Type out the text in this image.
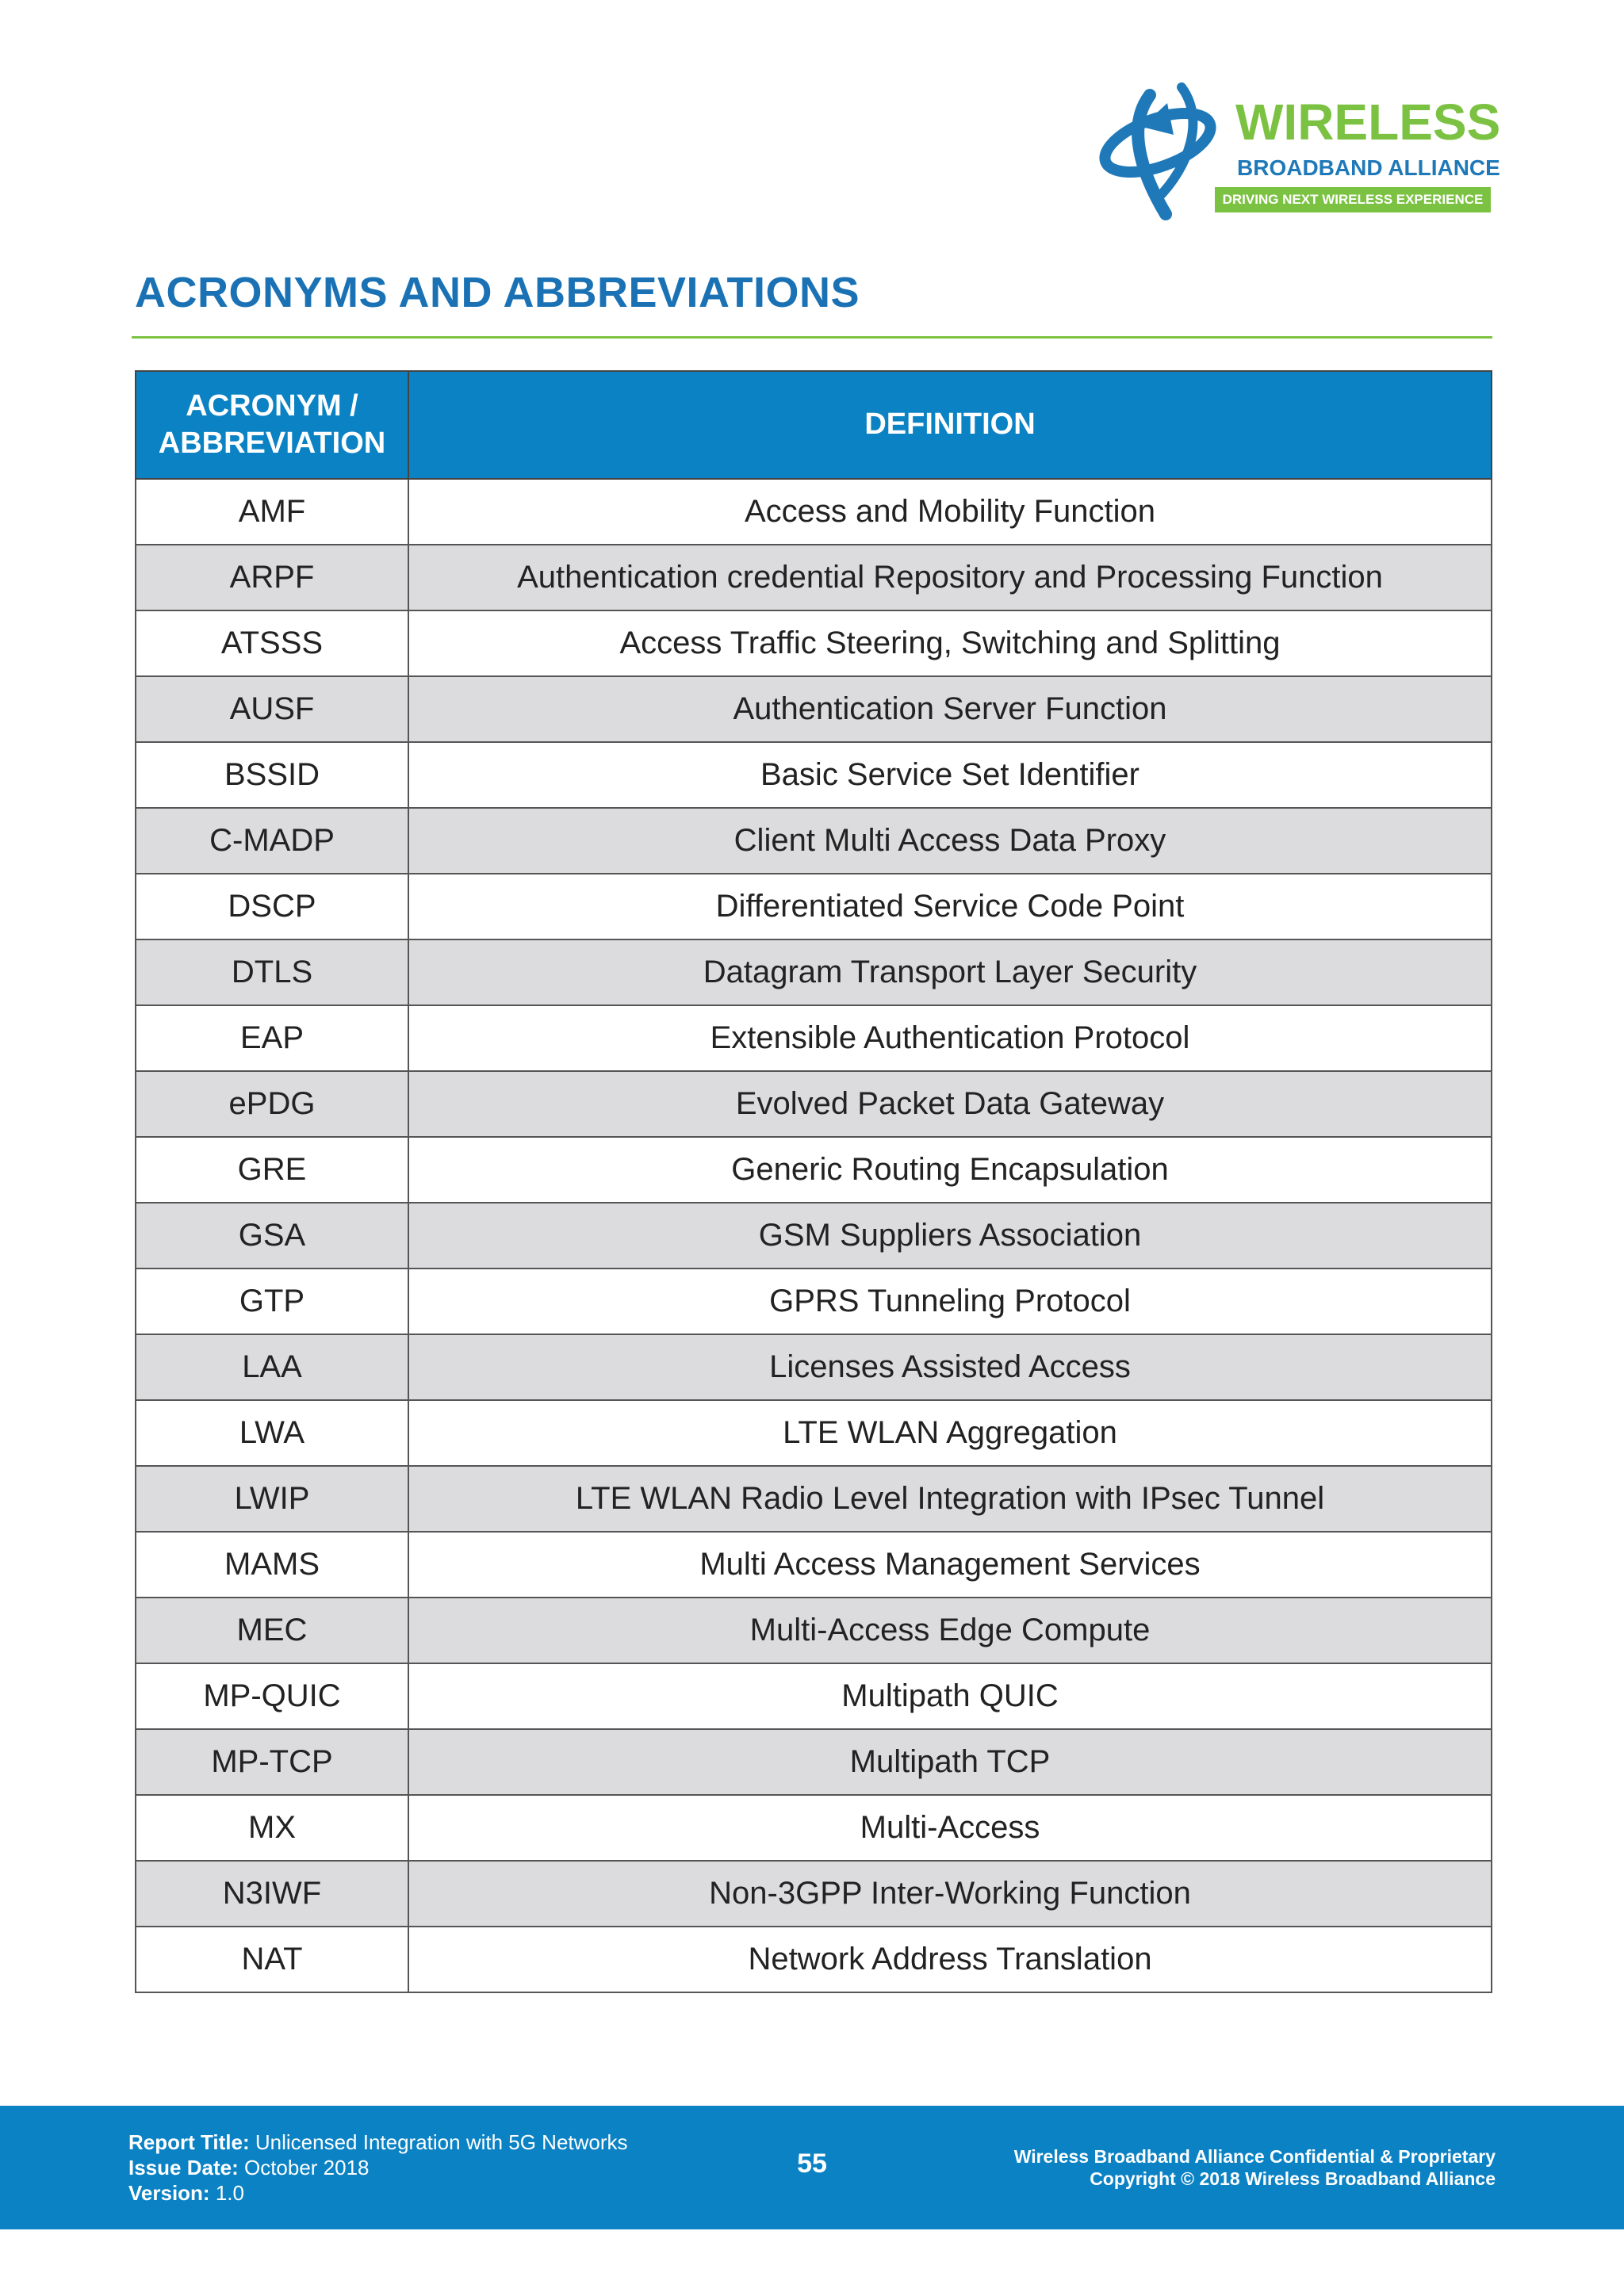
WIRELESS
BROADBAND ALLIANCE
DRIVING NEXT WIRELESS EXPERIENCE
ACRONYMS AND ABBREVIATIONS
ACRONYM / ABBREVIATION	DEFINITION
AMF	Access and Mobility Function
ARPF	Authentication credential Repository and Processing Function
ATSSS	Access Traffic Steering, Switching and Splitting
AUSF	Authentication Server Function
BSSID	Basic Service Set Identifier
C-MADP	Client Multi Access Data Proxy
DSCP	Differentiated Service Code Point
DTLS	Datagram Transport Layer Security
EAP	Extensible Authentication Protocol
ePDG	Evolved Packet Data Gateway
GRE	Generic Routing Encapsulation
GSA	GSM Suppliers Association
GTP	GPRS Tunneling Protocol
LAA	Licenses Assisted Access
LWA	LTE WLAN Aggregation
LWIP	LTE WLAN Radio Level Integration with IPsec Tunnel
MAMS	Multi Access Management Services
MEC	Multi-Access Edge Compute
MP-QUIC	Multipath QUIC
MP-TCP	Multipath TCP
MX	Multi-Access
N3IWF	Non-3GPP Inter-Working Function
NAT	Network Address Translation
Report Title: Unlicensed Integration with 5G Networks
Issue Date: October 2018
Version: 1.0
55	Wireless Broadband Alliance Confidential & Proprietary
Copyright © 2018 Wireless Broadband Alliance
